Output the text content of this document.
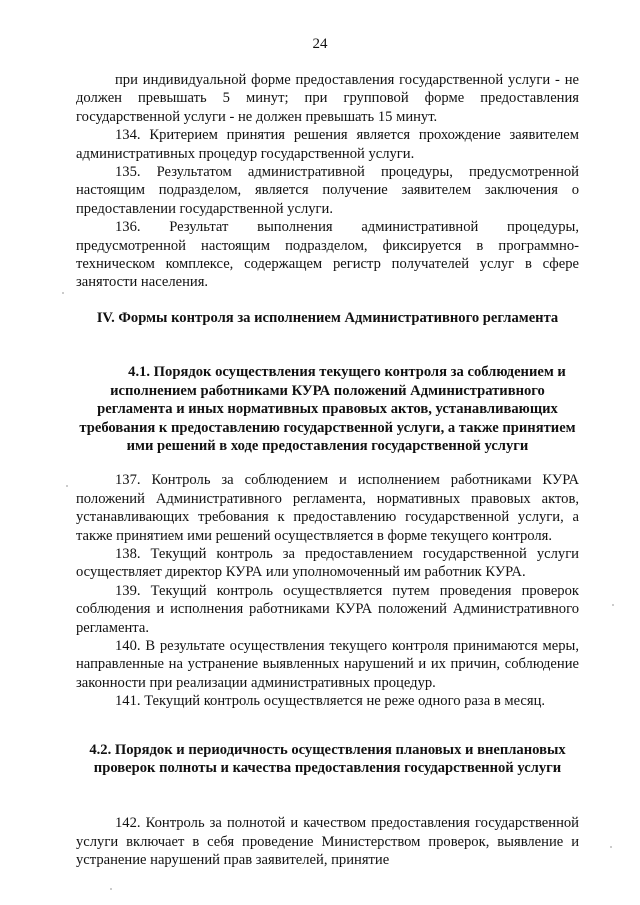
24

при индивидуальной форме предоставления государственной услуги - не должен превышать 5 минут; при групповой форме предоставления государственной услуги - не должен превышать 15 минут.

134. Критерием принятия решения является прохождение заявителем административных процедур государственной услуги.

135. Результатом административной процедуры, предусмотренной настоящим подразделом, является получение заявителем заключения о предоставлении государственной услуги.

136. Результат выполнения административной процедуры, предусмотренной настоящим подразделом, фиксируется в программно-техническом комплексе, содержащем регистр получателей услуг в сфере занятости населения.

IV. Формы контроля за исполнением Административного регламента
4.1. Порядок осуществления текущего контроля за соблюдением и исполнением работниками КУРА положений Административного регламента и иных нормативных правовых актов, устанавливающих требования к предоставлению государственной услуги, а также принятием ими решений в ходе предоставления государственной услуги

137. Контроль за соблюдением и исполнением работниками КУРА положений Административного регламента, нормативных правовых актов, устанавливающих требования к предоставлению государственной услуги, а также принятием ими решений осуществляется в форме текущего контроля.

138. Текущий контроль за предоставлением государственной услуги осуществляет директор КУРА или уполномоченный им работник КУРА.

139. Текущий контроль осуществляется путем проведения проверок соблюдения и исполнения работниками КУРА положений Административного регламента.

140. В результате осуществления текущего контроля принимаются меры, направленные на устранение выявленных нарушений и их причин, соблюдение законности при реализации административных процедур.

141. Текущий контроль осуществляется не реже одного раза в месяц.

4.2. Порядок и периодичность осуществления плановых и внеплановых проверок полноты и качества предоставления государственной услуги

142. Контроль за полнотой и качеством предоставления государственной услуги включает в себя проведение Министерством проверок, выявление и устранение нарушений прав заявителей, принятие
